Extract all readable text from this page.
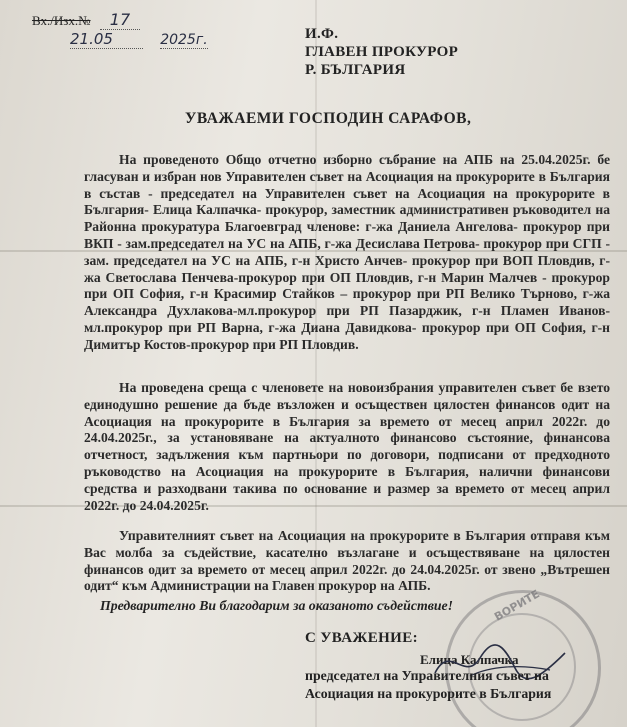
Вх./Изх.№ 17
21.05	2025г.	И.Ф.
ГЛАВЕН ПРОКУРОР
Р. БЪЛГАРИЯ
УВАЖАЕМИ ГОСПОДИН САРАФОВ,
На проведеното Общо отчетно изборно събрание на АПБ на 25.04.2025г. бе гласуван и избран нов Управителен съвет на Асоциация на прокурорите в България в състав - председател на Управителен съвет на Асоциация на прокурорите в България- Елица Калпачка- прокурор, заместник административен ръководител на Районна прокуратура Благоевград членове: г-жа Даниела Ангелова- прокурор при ВКП - зам.председател на УС на АПБ, г-жа Десислава Петрова- прокурор при СГП - зам. председател на УС на АПБ, г-н Христо Анчев- прокурор при ВОП Пловдив, г-жа Светослава Пенчева-прокурор при ОП Пловдив, г-н Марин Малчев - прокурор при ОП София, г-н Красимир Стайков – прокурор при РП Велико Търново, г-жа Александра Духлакова-мл.прокурор при РП Пазарджик, г-н Пламен Иванов- мл.прокурор при РП Варна, г-жа Диана Давидкова- прокурор при ОП София, г-н Димитър Костов-прокурор при РП Пловдив.
На проведена среща с членовете на новоизбрания управителен съвет бе взето единодушно решение да бъде възложен и осъществен цялостен финансов одит на Асоциация на прокурорите в България за времето от месец април 2022г. до 24.04.2025г., за установяване на актуалното финансово състояние, финансова отчетност, задължения към партньори по договори, подписани от предходното ръководство на Асоциация на прокурорите в България, налични финансови средства и разходвани такива по основание и размер за времето от месец април 2022г. до 24.04.2025г.
Управителният съвет на Асоциация на прокурорите в България отправя към Вас молба за съдействие, касателно възлагане и осъществяване на цялостен финансов одит за времето от месец април 2022г. до 24.04.2025г. от звено „Вътрешен одит“ към Администрации на Главен прокурор на АПБ.
Предварително Ви благодарим за оказаното съдействие!	ВОРИТЕ
С УВАЖЕНИЕ:
Елица Калпачка
председател на Управителния съвет на
Асоциация на прокурорите в България
